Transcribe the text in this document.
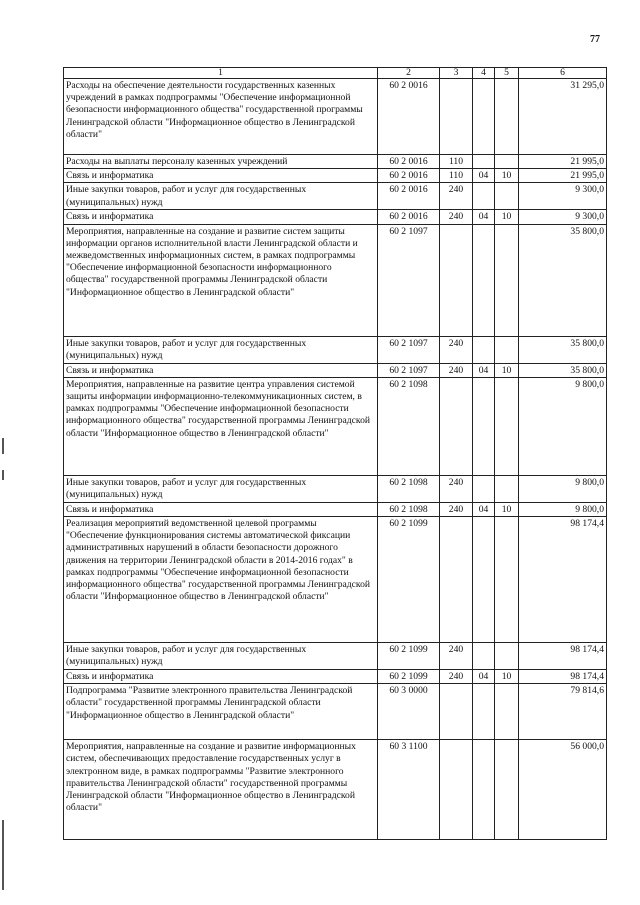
77
1	2	3	4	5	6
Расходы на обеспечение деятельности государственных казенных учреждений в рамках подпрограммы "Обеспечение информационной безопасности информационного общества" государственной программы Ленинградской области "Информационное общество в Ленинградской области"	60 2 0016				31 295,0
Расходы на выплаты персоналу казенных учреждений	60 2 0016	110			21 995,0
Связь и информатика	60 2 0016	110	04	10	21 995,0
Иные закупки товаров, работ и услуг для государственных (муниципальных) нужд	60 2 0016	240			9 300,0
Связь и информатика	60 2 0016	240	04	10	9 300,0
Мероприятия, направленные на создание и развитие систем защиты информации органов исполнительной власти Ленинградской области и межведомственных информационных систем, в рамках подпрограммы "Обеспечение информационной безопасности информационного общества" государственной программы Ленинградской области "Информационное общество в Ленинградской области"	60 2 1097				35 800,0
Иные закупки товаров, работ и услуг для государственных (муниципальных) нужд	60 2 1097	240			35 800,0
Связь и информатика	60 2 1097	240	04	10	35 800,0
Мероприятия, направленные на развитие центра управления системой защиты информации информационно-телекоммуникационных систем, в рамках подпрограммы "Обеспечение информационной безопасности информационного общества" государственной программы Ленинградской области "Информационное общество в Ленинградской области"	60 2 1098				9 800,0
Иные закупки товаров, работ и услуг для государственных (муниципальных) нужд	60 2 1098	240			9 800,0
Связь и информатика	60 2 1098	240	04	10	9 800,0
Реализация мероприятий ведомственной целевой программы "Обеспечение функционирования системы автоматической фиксации административных нарушений в области безопасности дорожного движения на территории Ленинградской области в 2014-2016 годах" в рамках подпрограммы "Обеспечение информационной безопасности информационного общества" государственной программы Ленинградской области "Информационное общество в Ленинградской области"	60 2 1099				98 174,4
Иные закупки товаров, работ и услуг для государственных (муниципальных) нужд	60 2 1099	240			98 174,4
Связь и информатика	60 2 1099	240	04	10	98 174,4
Подпрограмма "Развитие электронного правительства Ленинградской области" государственной программы Ленинградской области "Информационное общество в Ленинградской области"	60 3 0000				79 814,6
Мероприятия, направленные на создание и развитие информационных систем, обеспечивающих предоставление государственных услуг в электронном виде, в рамках подпрограммы "Развитие электронного правительства Ленинградской области" государственной программы Ленинградской области "Информационное общество в Ленинградской области"	60 3 1100				56 000,0
